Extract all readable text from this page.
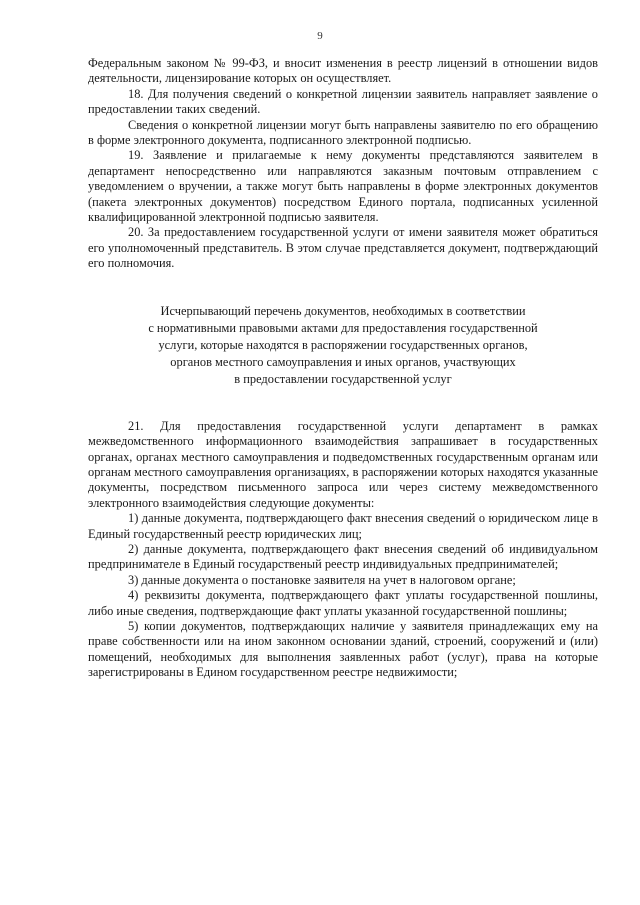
9

Федеральным законом № 99-ФЗ, и вносит изменения в реестр лицензий в отношении видов деятельности, лицензирование которых он осуществляет.

18. Для получения сведений о конкретной лицензии заявитель направляет заявление о предоставлении таких сведений.

Сведения о конкретной лицензии могут быть направлены заявителю по его обращению в форме электронного документа, подписанного электронной подписью.

19. Заявление и прилагаемые к нему документы представляются заявителем в департамент непосредственно или направляются заказным почтовым отправлением с уведомлением о вручении, а также могут быть направлены в форме электронных документов (пакета электронных документов) посредством Единого портала, подписанных усиленной квалифицированной электронной подписью заявителя.

20. За предоставлением государственной услуги от имени заявителя может обратиться его уполномоченный представитель. В этом случае представляется документ, подтверждающий его полномочия.

Исчерпывающий перечень документов, необходимых в соответствии
с нормативными правовыми актами для предоставления государственной
услуги, которые находятся в распоряжении государственных органов,
органов местного самоуправления и иных органов, участвующих
в предоставлении государственной услуг

21. Для предоставления государственной услуги департамент в рамках межведомственного информационного взаимодействия запрашивает в государственных органах, органах местного самоуправления и подведомственных государственным органам или органам местного самоуправления организациях, в распоряжении которых находятся указанные документы, посредством письменного запроса или через систему межведомственного электронного взаимодействия следующие документы:

1) данные документа, подтверждающего факт внесения сведений о юридическом лице в Единый государственный реестр юридических лиц;

2) данные документа, подтверждающего факт внесения сведений об индивидуальном предпринимателе в Единый государственый реестр индивидуальных предпринимателей;

3) данные документа о постановке заявителя на учет в налоговом органе;

4) реквизиты документа, подтверждающего факт уплаты государственной пошлины, либо иные сведения, подтверждающие факт уплаты указанной государственной пошлины;

5) копии документов, подтверждающих наличие у заявителя принадлежащих ему на праве собственности или на ином законном основании зданий, строений, сооружений и (или) помещений, необходимых для выполнения заявленных работ (услуг), права на которые зарегистрированы в Едином государственном реестре недвижимости;
